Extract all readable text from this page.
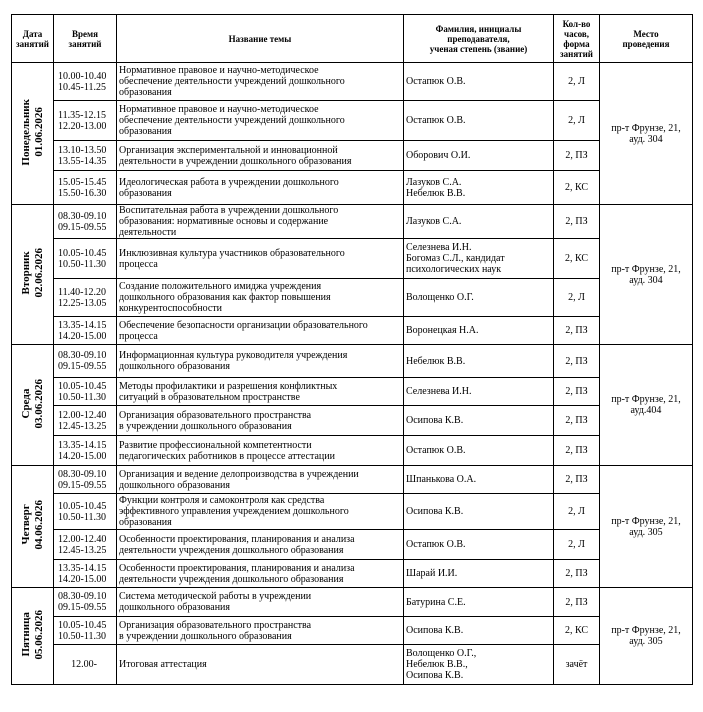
Дата
занятий	Время
занятий	Название темы	Фамилия, инициалы
преподавателя,
ученая степень (звание)	Кол-во
часов,
форма
занятий	Место
проведения

Понедельник 01.06.2026	10.00-10.40
10.45-11.25	Нормативное правовое и научно-методическое
обеспечение деятельности учреждений дошкольного
образования	Остапюк О.В.	2, Л	пр-т Фрунзе, 21,
ауд. 304

	11.35-12.15
12.20-13.00	Нормативное правовое и научно-методическое
обеспечение деятельности учреждений дошкольного
образования	Остапюк О.В.	2, Л	

	13.10-13.50
13.55-14.35	Организация экспериментальной и инновационной
деятельности в учреждении дошкольного образования	Оборович О.И.	2, ПЗ	

	15.05-15.45
15.50-16.30	Идеологическая работа в учреждении дошкольного
образования	Лазуков С.А.
Небелюк В.В.	2, КС	

Вторник 02.06.2026	08.30-09.10
09.15-09.55	Воспитательная работа в учреждении дошкольного
образования: нормативные основы и содержание
деятельности	Лазуков С.А.	2, ПЗ	пр-т Фрунзе, 21,
ауд. 304

	10.05-10.45
10.50-11.30	Инклюзивная культура участников образовательного
процесса	Селезнева И.Н.
Богомаз С.Л., кандидат
психологических наук	2, КС	

	11.40-12.20
12.25-13.05	Создание положительного имиджа учреждения
дошкольного образования как фактор повышения
конкурентоспособности	Волощенко О.Г.	2, Л	

	13.35-14.15
14.20-15.00	Обеспечение безопасности организации образовательного
процесса	Воронецкая Н.А.	2, ПЗ	

Среда 03.06.2026	08.30-09.10
09.15-09.55	Информационная культура руководителя учреждения
дошкольного образования	Небелюк В.В.	2, ПЗ	пр-т Фрунзе, 21,
ауд.404

	10.05-10.45
10.50-11.30	Методы профилактики и разрешения конфликтных
ситуаций в образовательном пространстве	Селезнева И.Н.	2, ПЗ	

	12.00-12.40
12.45-13.25	Организация образовательного пространства
в учреждении дошкольного образования	Осипова К.В.	2, ПЗ	

	13.35-14.15
14.20-15.00	Развитие профессиональной компетентности
педагогических работников в процессе аттестации	Остапюк О.В.	2, ПЗ	

Четверг 04.06.2026	08.30-09.10
09.15-09.55	Организация и ведение делопроизводства в учреждении
дошкольного образования	Шпанькова О.А.	2, ПЗ	пр-т Фрунзе, 21,
ауд. 305

	10.05-10.45
10.50-11.30	Функции контроля и самоконтроля как средства
эффективного управления учреждением дошкольного
образования	Осипова К.В.	2, Л	

	12.00-12.40
12.45-13.25	Особенности проектирования, планирования и анализа
деятельности учреждения дошкольного образования	Остапюк О.В.	2, Л	

	13.35-14.15
14.20-15.00	Особенности проектирования, планирования и анализа
деятельности учреждения дошкольного образования	Шарай И.И.	2, ПЗ	

Пятница 05.06.2026	08.30-09.10
09.15-09.55	Система методической работы в учреждении
дошкольного образования	Батурина С.Е.	2, ПЗ	пр-т Фрунзе, 21,
ауд. 305

	10.05-10.45
10.50-11.30	Организация образовательного пространства
в учреждении дошкольного образования	Осипова К.В.	2, КС	

	12.00-	Итоговая аттестация	Волощенко О.Г.,
Небелюк В.В.,
Осипова К.В.	зачёт	
